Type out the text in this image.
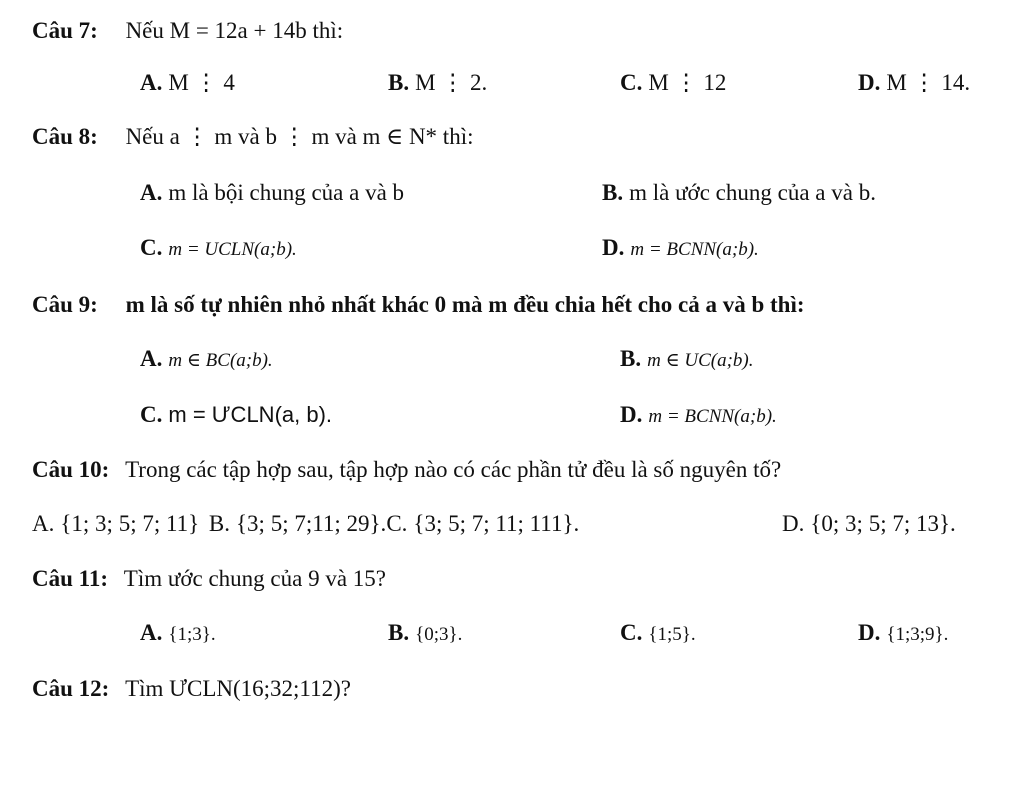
Câu 7: Nếu M = 12a + 14b thì:
A. M ⋮ 4	B. M ⋮ 2.	C. M ⋮ 12	D. M ⋮ 14.
Câu 8: Nếu a ⋮ m và b ⋮ m và m ∈ N* thì:
A. m là bội chung của a và b	B. m là ước chung của a và b.
C. m = UCLN(a;b).	D. m = BCNN(a;b).
Câu 9: m là số tự nhiên nhỏ nhất khác 0 mà m đều chia hết cho cả a và b thì:
A. m ∈ BC(a;b).	B. m ∈ UC(a;b).
C. m = ƯCLN(a, b).	D. m = BCNN(a;b).
Câu 10: Trong các tập hợp sau, tập hợp nào có các phần tử đều là số nguyên tố?
A. {1; 3; 5; 7; 11} B. {3; 5; 7;11; 29}.C. {3; 5; 7; 11; 111}.	D. {0; 3; 5; 7; 13}.
Câu 11: Tìm ước chung của 9 và 15?
A. {1;3}.	B. {0;3}.	C. {1;5}.	D. {1;3;9}.
Câu 12: Tìm ƯCLN(16;32;112)?
